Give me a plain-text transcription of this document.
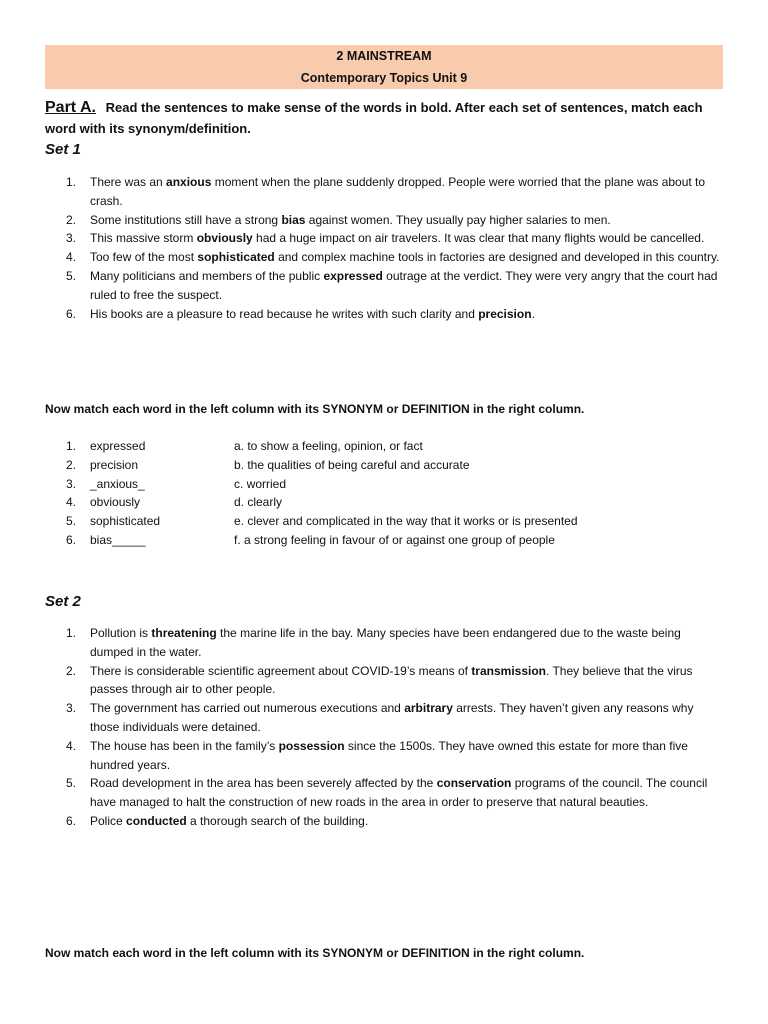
2 MAINSTREAM
Contemporary Topics Unit 9
Part A. Read the sentences to make sense of the words in bold. After each set of sentences, match each word with its synonym/definition.
Set 1
1. There was an anxious moment when the plane suddenly dropped. People were worried that the plane was about to crash.
2. Some institutions still have a strong bias against women. They usually pay higher salaries to men.
3. This massive storm obviously had a huge impact on air travelers. It was clear that many flights would be cancelled.
4. Too few of the most sophisticated and complex machine tools in factories are designed and developed in this country.
5. Many politicians and members of the public expressed outrage at the verdict. They were very angry that the court had ruled to free the suspect.
6. His books are a pleasure to read because he writes with such clarity and precision.
Now match each word in the left column with its SYNONYM or DEFINITION in the right column.
1. expressed	a. to show a feeling, opinion, or fact
2. precision	b. the qualities of being careful and accurate
3. _anxious_	c. worried
4. obviously	d. clearly
5. sophisticated	e. clever and complicated in the way that it works or is presented
6. bias_____	f. a strong feeling in favour of or against one group of people
Set 2
1. Pollution is threatening the marine life in the bay. Many species have been endangered due to the waste being dumped in the water.
2. There is considerable scientific agreement about COVID-19’s means of transmission. They believe that the virus passes through air to other people.
3. The government has carried out numerous executions and arbitrary arrests. They haven’t given any reasons why those individuals were detained.
4. The house has been in the family’s possession since the 1500s. They have owned this estate for more than five hundred years.
5. Road development in the area has been severely affected by the conservation programs of the council. The council have managed to halt the construction of new roads in the area in order to preserve that natural beauties.
6. Police conducted a thorough search of the building.
Now match each word in the left column with its SYNONYM or DEFINITION in the right column.
